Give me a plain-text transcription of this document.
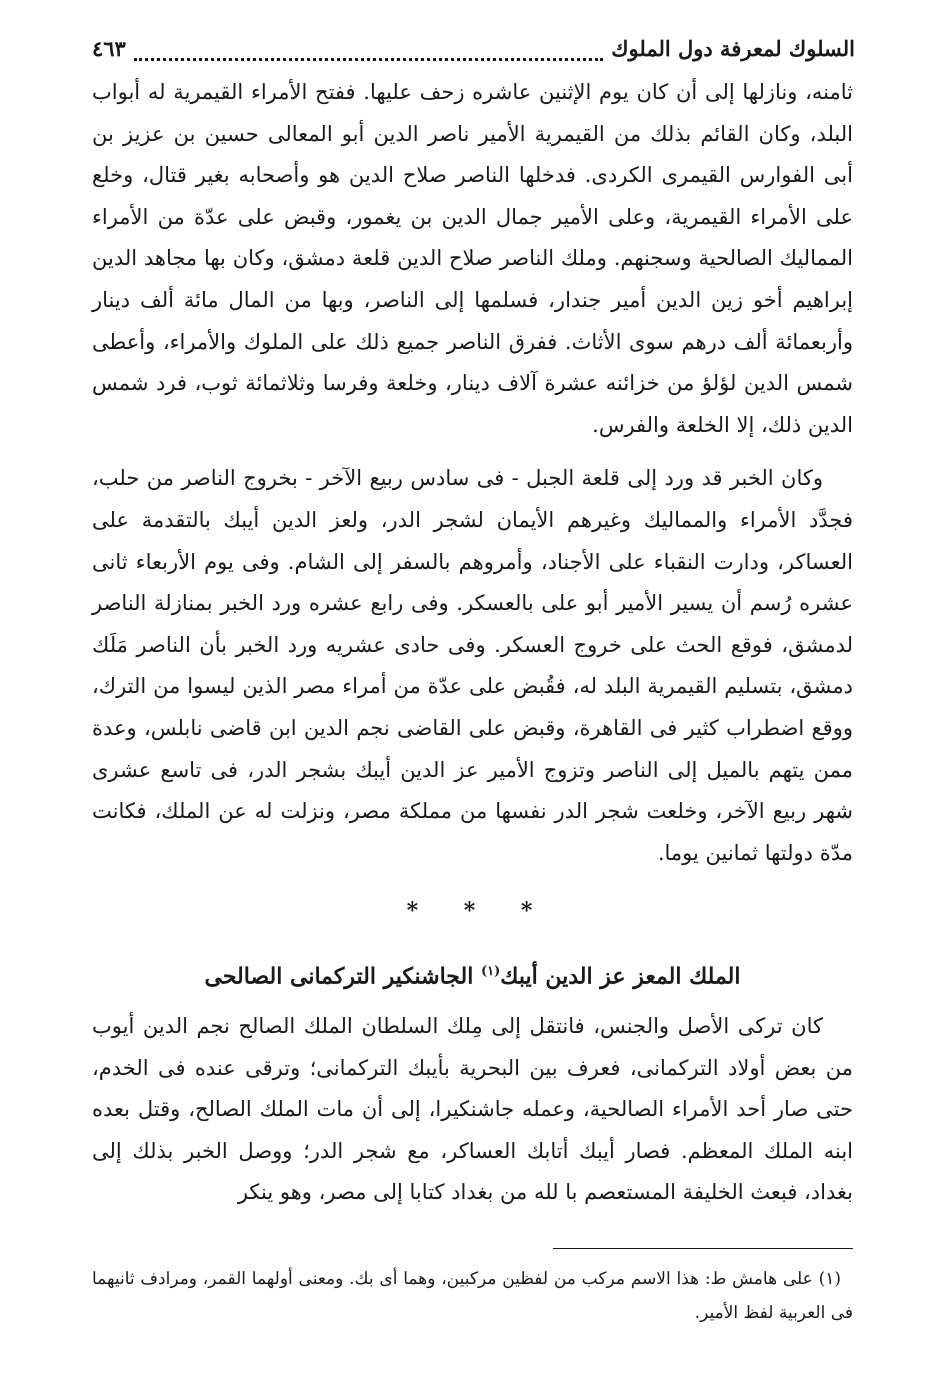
السلوك لمعرفة دول الملوك
٤٦٣

ثامنه، ونازلها إلى أن كان يوم الإثنين عاشره زحف عليها. ففتح الأمراء القيمرية له أبواب البلد، وكان القائم بذلك من القيمرية الأمير ناصر الدين أبو المعالى حسين بن عزيز بن أبى الفوارس القيمرى الكردى. فدخلها الناصر صلاح الدين هو وأصحابه بغير قتال، وخلع على الأمراء القيمرية، وعلى الأمير جمال الدين بن يغمور، وقبض على عدّة من الأمراء المماليك الصالحية وسجنهم. وملك الناصر صلاح الدين قلعة دمشق، وكان بها مجاهد الدين إبراهيم أخو زين الدين أمير جندار، فسلمها إلى الناصر، وبها من المال مائة ألف دينار وأربعمائة ألف درهم سوى الأثاث. ففرق الناصر جميع ذلك على الملوك والأمراء، وأعطى شمس الدين لؤلؤ من خزائنه عشرة آلاف دينار، وخلعة وفرسا وثلاثمائة ثوب، فرد شمس الدين ذلك، إلا الخلعة والفرس.

وكان الخبر قد ورد إلى قلعة الجبل - فى سادس ربيع الآخر - بخروج الناصر من حلب، فجدَّد الأمراء والمماليك وغيرهم الأيمان لشجر الدر، ولعز الدين أيبك بالتقدمة على العساكر، ودارت النقباء على الأجناد، وأمروهم بالسفر إلى الشام. وفى يوم الأربعاء ثانى عشره رُسم أن يسير الأمير أبو على بالعسكر. وفى رابع عشره ورد الخبر بمنازلة الناصر لدمشق، فوقع الحث على خروج العسكر. وفى حادى عشريه ورد الخبر بأن الناصر مَلَك دمشق، بتسليم القيمرية البلد له، فقُبض على عدّة من أمراء مصر الذين ليسوا من الترك، ووقع اضطراب كثير فى القاهرة، وقبض على القاضى نجم الدين ابن قاضى نابلس، وعدة ممن يتهم بالميل إلى الناصر وتزوج الأمير عز الدين أيبك بشجر الدر، فى تاسع عشرى شهر ربيع الآخر، وخلعت شجر الدر نفسها من مملكة مصر، ونزلت له عن الملك، فكانت مدّة دولتها ثمانين يوما.

* * *
الملك المعز عز الدين أيبك$^{(١)}$ الجاشنكير التركمانى الصالحى

كان تركى الأصل والجنس، فانتقل إلى مِلك السلطان الملك الصالح نجم الدين أيوب من بعض أولاد التركمانى، فعرف بين البحرية بأيبك التركمانى؛ وترقى عنده فى الخدم، حتى صار أحد الأمراء الصالحية، وعمله جاشنكيرا، إلى أن مات الملك الصالح، وقتل بعده ابنه الملك المعظم. فصار أيبك أتابك العساكر، مع شجر الدر؛ ووصل الخبر بذلك إلى بغداد، فبعث الخليفة المستعصم با لله من بغداد كتابا إلى مصر، وهو ينكر

(١) على هامش ط: هذا الاسم مركب من لفظين مركبين، وهما أى بك. ومعنى أولهما القمر، ومرادف ثانيهما فى العربية لفظ الأمير.
